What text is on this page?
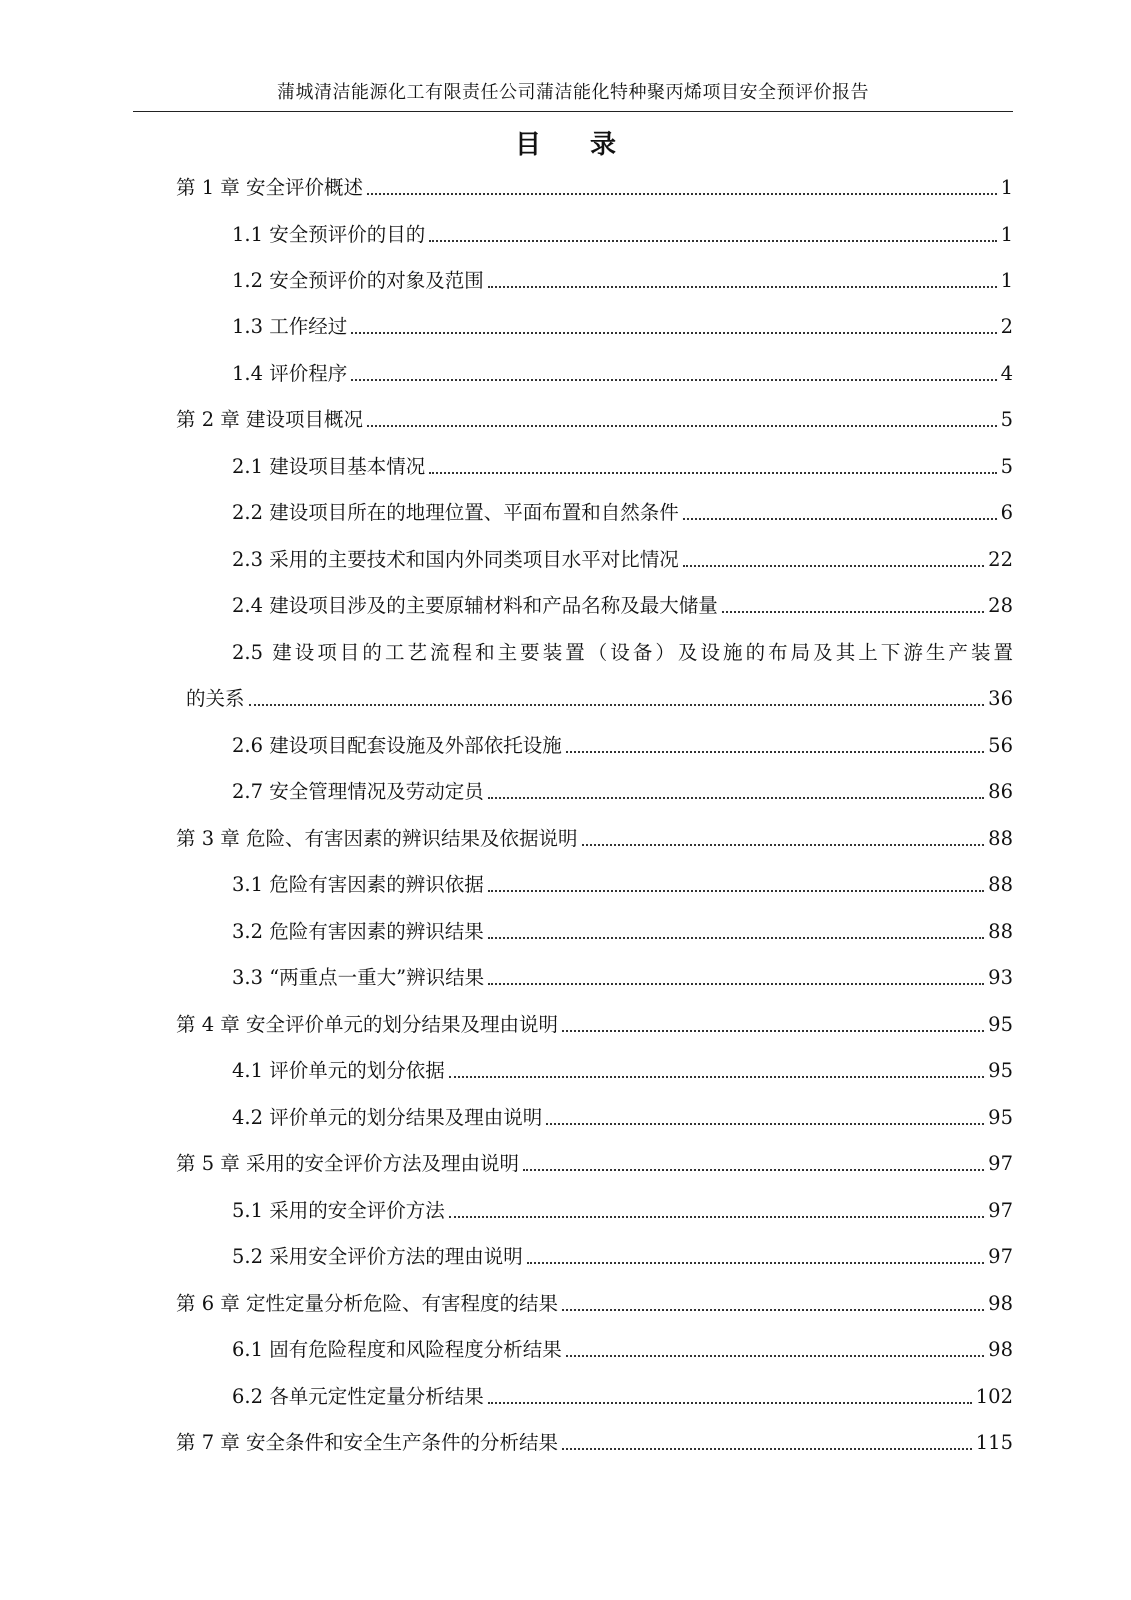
蒲城清洁能源化工有限责任公司蒲洁能化特种聚丙烯项目安全预评价报告
目 录
第 1 章 安全评价概述	1
1.1 安全预评价的目的	1
1.2 安全预评价的对象及范围	1
1.3 工作经过	2
1.4 评价程序	4
第 2 章 建设项目概况	5
2.1 建设项目基本情况	5
2.2 建设项目所在的地理位置、平面布置和自然条件	6
2.3 采用的主要技术和国内外同类项目水平对比情况	22
2.4 建设项目涉及的主要原辅材料和产品名称及最大储量	28
2.5 建设项目的工艺流程和主要装置（设备）及设施的布局及其上下游生产装置
的关系	36
2.6 建设项目配套设施及外部依托设施	56
2.7 安全管理情况及劳动定员	86
第 3 章 危险、有害因素的辨识结果及依据说明	88
3.1 危险有害因素的辨识依据	88
3.2 危险有害因素的辨识结果	88
3.3 “两重点一重大”辨识结果	93
第 4 章 安全评价单元的划分结果及理由说明	95
4.1 评价单元的划分依据	95
4.2 评价单元的划分结果及理由说明	95
第 5 章 采用的安全评价方法及理由说明	97
5.1 采用的安全评价方法	97
5.2 采用安全评价方法的理由说明	97
第 6 章 定性定量分析危险、有害程度的结果	98
6.1 固有危险程度和风险程度分析结果	98
6.2 各单元定性定量分析结果	102
第 7 章 安全条件和安全生产条件的分析结果	115
